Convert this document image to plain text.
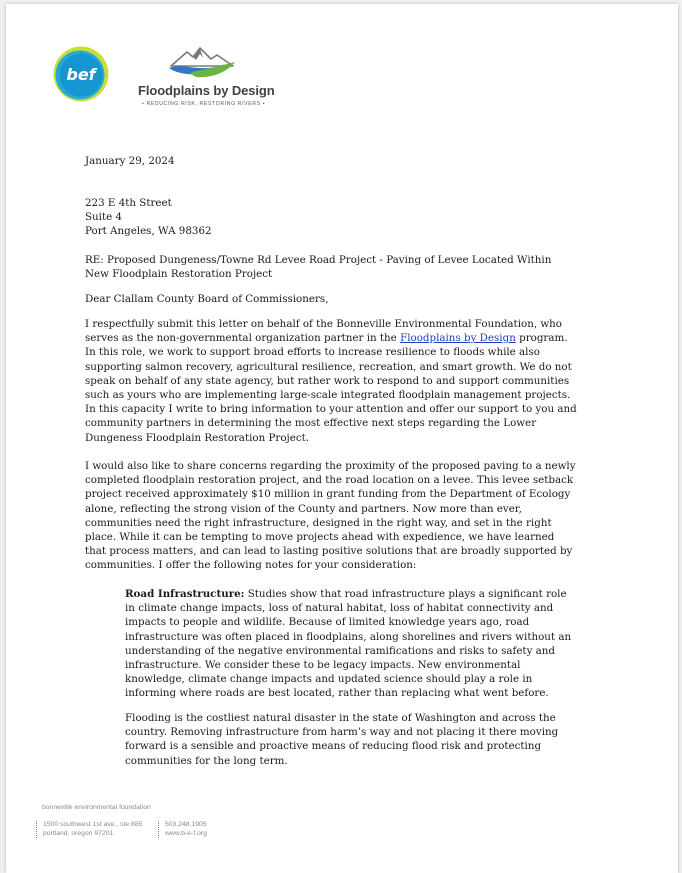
bef
Floodplains by Design
• REDUCING RISK, RESTORING RIVERS •

January 29, 2024

223 E 4th Street
Suite 4
Port Angeles, WA 98362

RE: Proposed Dungeness/Towne Rd Levee Road Project - Paving of Levee Located Within New Floodplain Restoration Project

Dear Clallam County Board of Commissioners,

I respectfully submit this letter on behalf of the Bonneville Environmental Foundation, who serves as the non-governmental organization partner in the Floodplains by Design program. In this role, we work to support broad efforts to increase resilience to floods while also supporting salmon recovery, agricultural resilience, recreation, and smart growth. We do not speak on behalf of any state agency, but rather work to respond to and support communities such as yours who are implementing large-scale integrated floodplain management projects. In this capacity I write to bring information to your attention and offer our support to you and community partners in determining the most effective next steps regarding the Lower Dungeness Floodplain Restoration Project.

I would also like to share concerns regarding the proximity of the proposed paving to a newly completed floodplain restoration project, and the road location on a levee. This levee setback project received approximately $10 million in grant funding from the Department of Ecology alone, reflecting the strong vision of the County and partners. Now more than ever, communities need the right infrastructure, designed in the right way, and set in the right place. While it can be tempting to move projects ahead with expedience, we have learned that process matters, and can lead to lasting positive solutions that are broadly supported by communities. I offer the following notes for your consideration:

Road Infrastructure: Studies show that road infrastructure plays a significant role in climate change impacts, loss of natural habitat, loss of habitat connectivity and impacts to people and wildlife. Because of limited knowledge years ago, road infrastructure was often placed in floodplains, along shorelines and rivers without an understanding of the negative environmental ramifications and risks to safety and infrastructure. We consider these to be legacy impacts. New environmental knowledge, climate change impacts and updated science should play a role in informing where roads are best located, rather than replacing what went before.

Flooding is the costliest natural disaster in the state of Washington and across the country. Removing infrastructure from harm’s way and not placing it there moving forward is a sensible and proactive means of reducing flood risk and protecting communities for the long term.

bonneville environmental foundation
1500 southwest 1st ave., ste 885
portland, oregon 97201
503.248.1905
www.b-e-f.org
